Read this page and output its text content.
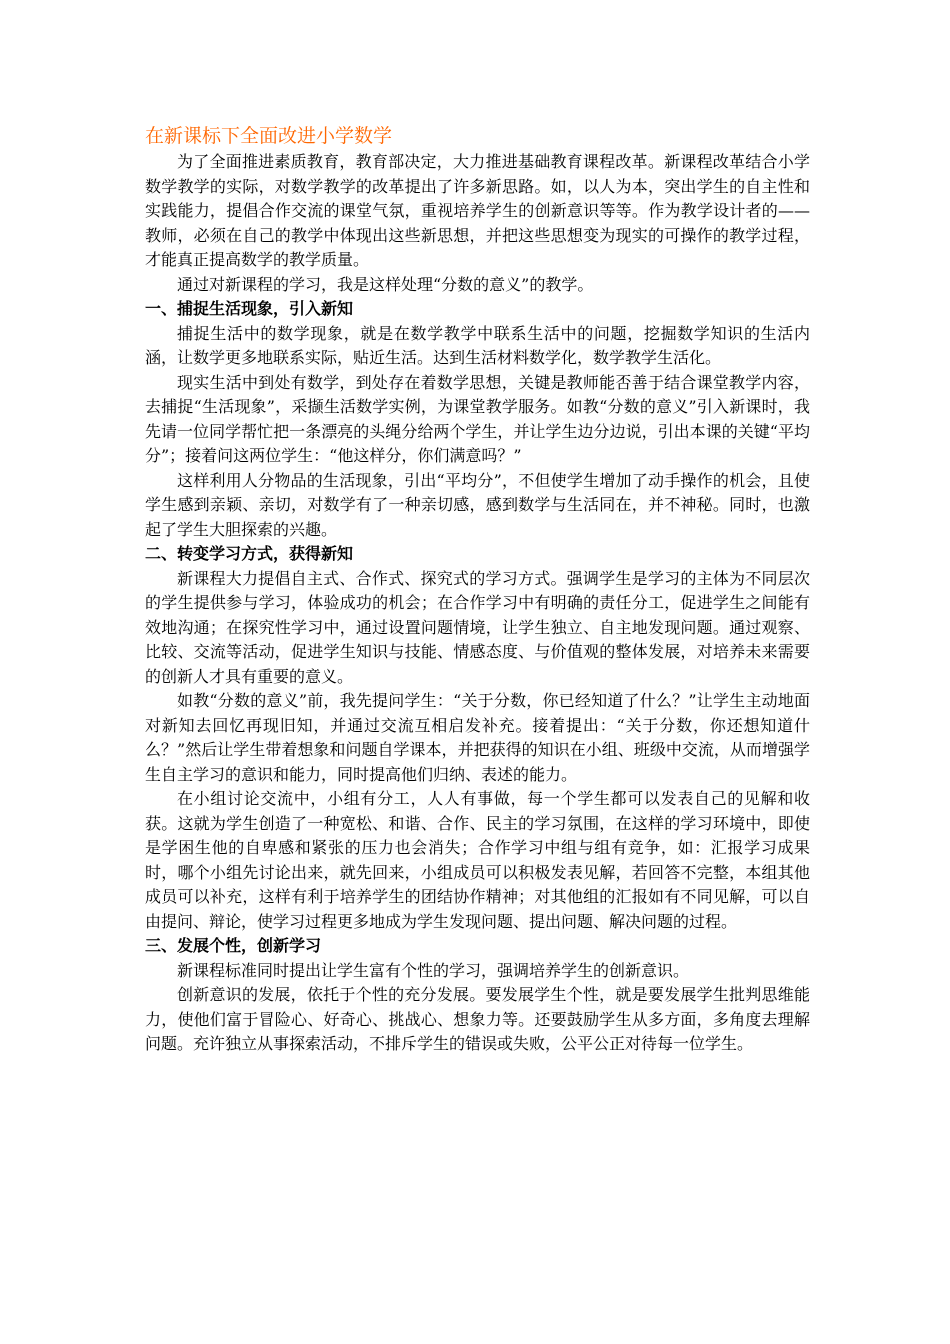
在新课标下全面改进小学数学

为了全面推进素质教育，教育部决定，大力推进基础教育课程改革。新课程改革结合小学数学教学的实际，对数学教学的改革提出了许多新思路。如，以人为本，突出学生的自主性和实践能力，提倡合作交流的课堂气氛，重视培养学生的创新意识等等。作为教学设计者的——教师，必须在自己的教学中体现出这些新思想，并把这些思想变为现实的可操作的教学过程，才能真正提高数学的教学质量。

通过对新课程的学习，我是这样处理“分数的意义”的教学。

一、捕捉生活现象，引入新知

捕捉生活中的数学现象，就是在数学教学中联系生活中的问题，挖掘数学知识的生活内涵，让数学更多地联系实际，贴近生活。达到生活材料数学化，数学教学生活化。

现实生活中到处有数学，到处存在着数学思想，关键是教师能否善于结合课堂教学内容，去捕捉“生活现象”，采撷生活数学实例，为课堂教学服务。如教“分数的意义”引入新课时，我先请一位同学帮忙把一条漂亮的头绳分给两个学生，并让学生边分边说，引出本课的关键“平均分”；接着问这两位学生：“他这样分，你们满意吗？”

这样利用人分物品的生活现象，引出“平均分”，不但使学生增加了动手操作的机会，且使学生感到亲颖、亲切，对数学有了一种亲切感，感到数学与生活同在，并不神秘。同时，也激起了学生大胆探索的兴趣。

二、转变学习方式，获得新知

新课程大力提倡自主式、合作式、探究式的学习方式。强调学生是学习的主体为不同层次的学生提供参与学习，体验成功的机会；在合作学习中有明确的责任分工，促进学生之间能有效地沟通；在探究性学习中，通过设置问题情境，让学生独立、自主地发现问题。通过观察、比较、交流等活动，促进学生知识与技能、情感态度、与价值观的整体发展，对培养未来需要的创新人才具有重要的意义。

如教“分数的意义”前，我先提问学生：“关于分数，你已经知道了什么？”让学生主动地面对新知去回忆再现旧知，并通过交流互相启发补充。接着提出：“关于分数，你还想知道什么？”然后让学生带着想象和问题自学课本，并把获得的知识在小组、班级中交流，从而增强学生自主学习的意识和能力，同时提高他们归纳、表述的能力。

在小组讨论交流中，小组有分工，人人有事做，每一个学生都可以发表自己的见解和收获。这就为学生创造了一种宽松、和谐、合作、民主的学习氛围，在这样的学习环境中，即使是学困生他的自卑感和紧张的压力也会消失；合作学习中组与组有竞争，如：汇报学习成果时，哪个小组先讨论出来，就先回来，小组成员可以积极发表见解，若回答不完整，本组其他成员可以补充，这样有利于培养学生的团结协作精神；对其他组的汇报如有不同见解，可以自由提问、辩论，使学习过程更多地成为学生发现问题、提出问题、解决问题的过程。

三、发展个性，创新学习

新课程标准同时提出让学生富有个性的学习，强调培养学生的创新意识。

创新意识的发展，依托于个性的充分发展。要发展学生个性，就是要发展学生批判思维能力，使他们富于冒险心、好奇心、挑战心、想象力等。还要鼓励学生从多方面，多角度去理解问题。充许独立从事探索活动，不排斥学生的错误或失败，公平公正对待每一位学生。
